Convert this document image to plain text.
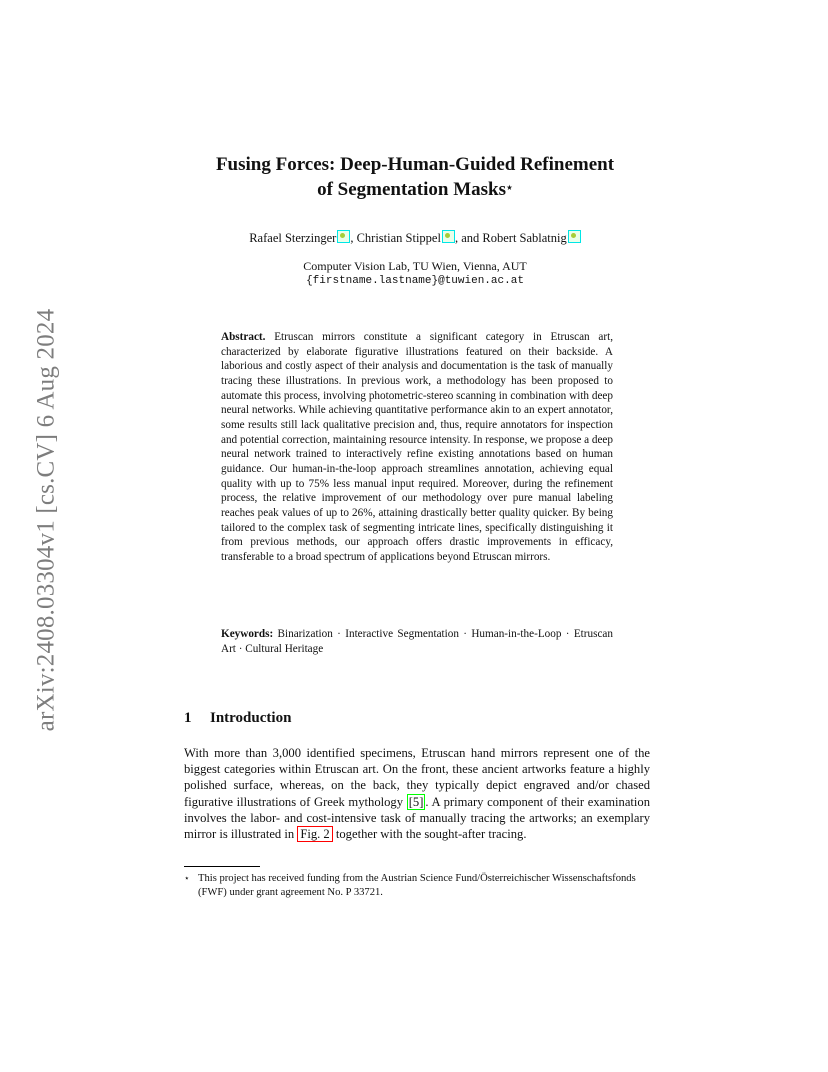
arXiv:2408.03304v1 [cs.CV] 6 Aug 2024
Fusing Forces: Deep-Human-Guided Refinement
of Segmentation Masks⋆
Rafael Sterzinger , Christian Stippel , and Robert Sablatnig
Computer Vision Lab, TU Wien, Vienna, AUT
{firstname.lastname}@tuwien.ac.at

Abstract. Etruscan mirrors constitute a significant category in Etruscan art, characterized by elaborate figurative illustrations featured on their backside. A laborious and costly aspect of their analysis and documentation is the task of manually tracing these illustrations. In previous work, a methodology has been proposed to automate this process, involving photometric-stereo scanning in combination with deep neural networks. While achieving quantitative performance akin to an expert annotator, some results still lack qualitative precision and, thus, require annotators for inspection and potential correction, maintaining resource intensity. In response, we propose a deep neural network trained to interactively refine existing annotations based on human guidance. Our human-in-the-loop approach streamlines annotation, achieving equal quality with up to 75% less manual input required. Moreover, during the refinement process, the relative improvement of our methodology over pure manual labeling reaches peak values of up to 26%, attaining drastically better quality quicker. By being tailored to the complex task of segmenting intricate lines, specifically distinguishing it from previous methods, our approach offers drastic improvements in efficacy, transferable to a broad spectrum of applications beyond Etruscan mirrors.

Keywords: Binarization · Interactive Segmentation · Human-in-the-Loop · Etruscan Art · Cultural Heritage

1 Introduction

With more than 3,000 identified specimens, Etruscan hand mirrors represent one of the biggest categories within Etruscan art. On the front, these ancient artworks feature a highly polished surface, whereas, on the back, they typically depict engraved and/or chased figurative illustrations of Greek mythology [5] . A primary component of their examination involves the labor- and cost-intensive task of manually tracing the artworks; an exemplary mirror is illustrated in Fig. 2 together with the sought-after tracing.

⋆ This project has received funding from the Austrian Science Fund/Österreichischer Wissenschaftsfonds (FWF) under grant agreement No. P 33721.
